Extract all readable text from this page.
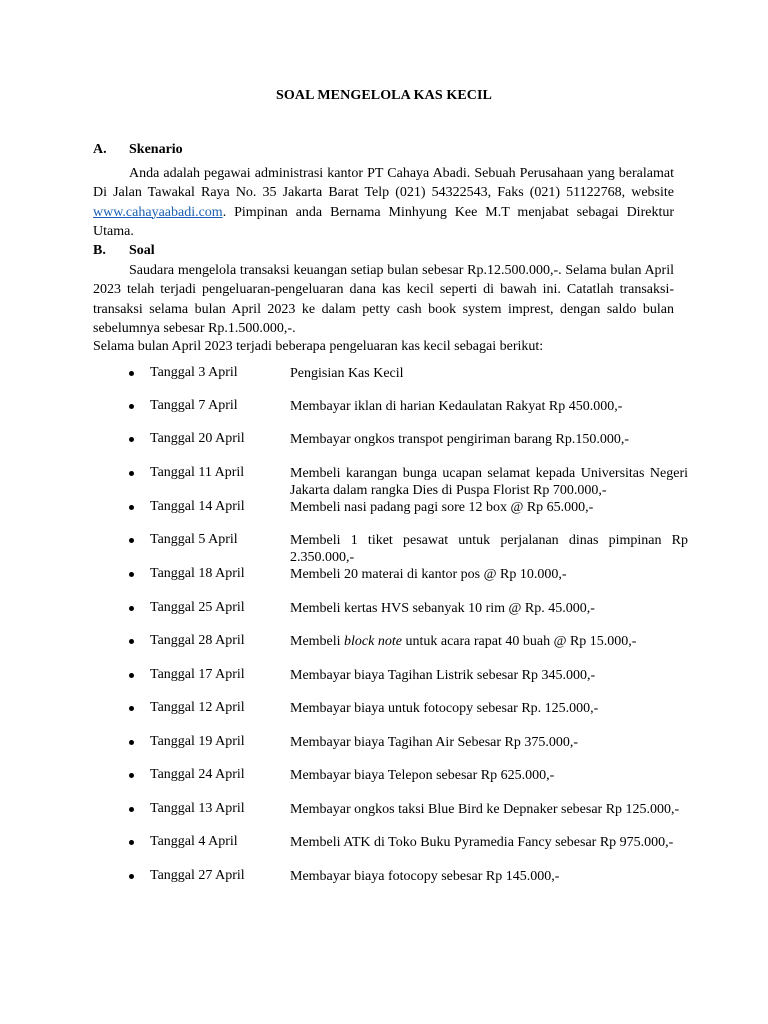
SOAL MENGELOLA KAS KECIL
A. Skenario

Anda adalah pegawai administrasi kantor PT Cahaya Abadi. Sebuah Perusahaan yang beralamat Di Jalan Tawakal Raya No. 35 Jakarta Barat Telp (021) 54322543, Faks (021) 51122768, website www.cahayaabadi.com. Pimpinan anda Bernama Minhyung Kee M.T menjabat sebagai Direktur Utama.

B. Soal

Saudara mengelola transaksi keuangan setiap bulan sebesar Rp.12.500.000,-. Selama bulan April 2023 telah terjadi pengeluaran-pengeluaran dana kas kecil seperti di bawah ini. Catatlah transaksi-transaksi selama bulan April 2023 ke dalam petty cash book system imprest, dengan saldo bulan sebelumnya sebesar Rp.1.500.000,-.

Selama bulan April 2023 terjadi beberapa pengeluaran kas kecil sebagai berikut:
Tanggal 3 April	Pengisian Kas Kecil

Tanggal 7 April	Membayar iklan di harian Kedaulatan Rakyat Rp 450.000,-

Tanggal 20 April	Membayar ongkos transpot pengiriman barang Rp.150.000,-

Tanggal 11 April	Membeli karangan bunga ucapan selamat kepada Universitas Negeri Jakarta dalam rangka Dies di Puspa Florist Rp 700.000,-

Tanggal 14 April	Membeli nasi padang pagi sore 12 box @ Rp 65.000,-

Tanggal 5 April	Membeli 1 tiket pesawat untuk perjalanan dinas pimpinan Rp 2.350.000,-

Tanggal 18 April	Membeli 20 materai di kantor pos @ Rp 10.000,-

Tanggal 25 April	Membeli kertas HVS sebanyak 10 rim @ Rp. 45.000,-

Tanggal 28 April	Membeli block note untuk acara rapat 40 buah @ Rp 15.000,-

Tanggal 17 April	Membayar biaya Tagihan Listrik sebesar Rp 345.000,-

Tanggal 12 April	Membayar biaya untuk fotocopy sebesar Rp. 125.000,-

Tanggal 19 April	Membayar biaya Tagihan Air Sebesar Rp 375.000,-

Tanggal 24 April	Membayar biaya Telepon sebesar Rp 625.000,-

Tanggal 13 April	Membayar ongkos taksi Blue Bird ke Depnaker sebesar Rp 125.000,-

Tanggal 4 April	Membeli ATK di Toko Buku Pyramedia Fancy sebesar Rp 975.000,-

Tanggal 27 April	Membayar biaya fotocopy sebesar Rp 145.000,-
